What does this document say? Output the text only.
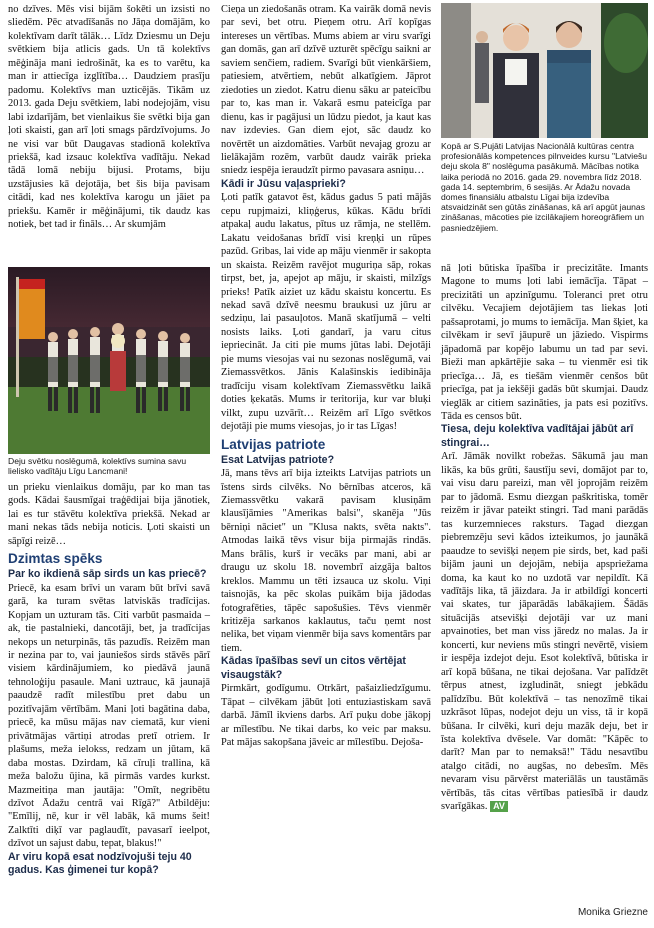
no dzīves. Mēs visi bijām šokēti un izsisti no sliedēm. Pēc atvadīšanās no Jāņa domājām, ko kolektīvam darīt tālāk… Līdz Dziesmu un Deju svētkiem bija atlicis gads. Un tā kolektīvs mēģināja mani iedrošināt, ka es to varētu, ka man ir attiecīga izglītība… Daudziem prasīju padomu. Kolektīvs man uzticējās. Tikām uz 2013. gada Deju svētkiem, labi nodejojām, visu labi izdarījām, bet vienlaikus šie svētki bija gan ļoti skaisti, gan arī ļoti smags pārdzīvojums. Jo ne visi var būt Daugavas stadionā kolektīva priekšā, kad izsauc kolektīva vadītāju. Nekad tādā lomā nebiju bijusi. Protams, biju uzstājusies kā dejotāja, bet šis bija pavisam citādi, kad nes kolektīva karogu un jāiet pa priekšu. Kamēr ir mēģinājumi, tik daudz kas notiek, bet tad ir fināls… Ar skumjām

Deju svētku noslēgumā, kolektīvs sumina savu lielisko vadītāju Līgu Lancmani!

un prieku vienlaikus domāju, par ko man tas gods. Kādai šausmīgai traģēdijai bija jānotiek, lai es tur stāvētu kolektīva priekšā. Nekad ar mani nekas tāds nebija noticis. Ļoti skaisti un sāpīgi reizē…

Dzimtas spēks

Par ko ikdienā sāp sirds un kas priecē?

Priecē, ka esam brīvi un varam būt brīvi savā garā, ka turam svētas latviskās tradīcijas. Kopjam un uzturam tās. Citi varbūt pasmaida – ak, tie pastalnieki, dancotāji, bet, ja tradīcijas nekops un neturpinās, tās pazudīs. Reizēm man ir nezina par to, vai jauniešos sirds stāvēs pārī visiem kārdinājumiem, ko piedāvā jaunā tehnoloģiju pasaule. Mani uztrauc, kā jaunajā paaudzē radīt milestību pret dabu un pozitīvajām vērtībām. Mani ļoti bagātina daba, priecē, ka mūsu mājas nav ciematā, kur vieni privātmājas vārtiņi atrodas pretī otriem. Ir plašums, meža ielokss, redzam un jūtam, kā daba mostas. Dzirdam, kā cīruļi trallina, kā meža baložu ūjina, kā pirmās vardes kurkst. Mazmeitiņa man jautāja: "Omīt, negribētu dzīvot Ādažu centrā vai Rīgā?" Atbildēju: "Emīlij, nē, kur ir vēl labāk, kā mums šeit! Zalktīti diķī var paglaudīt, pavasarī ieelpot, dzīvot un sajust dabu, tepat, blakus!"

Ar viru kopā esat nodzīvojuši teju 40 gadus. Kas ģimenei tur kopā?

Cieņa un ziedošanās otram. Ka vairāk domā nevis par sevi, bet otru. Pieņem otru. Arī kopīgas intereses un vērtības. Mums abiem ar viru svarīgi gan domās, gan arī dzīvē uzturēt spēcīgu saikni ar saviem senčiem, radiem. Svarīgi būt vienkāršiem, patiesiem, atvērtiem, nebūt alkatīgiem. Jāprot ziedoties un ziedot. Katru dienu sāku ar pateicību par to, kas man ir. Vakarā esmu pateicīga par dienu, kas ir pagājusi un lūdzu piedot, ja kaut kas nav izdevies. Gan diem ejot, sāc daudz ko novērtēt un aizdomāties. Varbūt nevajag grozu ar lielākajām rozēm, varbūt daudz vairāk prieka sniedz iespēja ieraudzīt pirmo pavasara asniņu…

Kādi ir Jūsu vaļasprieki?

Ļoti patīk gatavot ēst, kādus gadus 5 pati mājās cepu rupjmaizi, kliņģerus, kūkas. Kādu brīdi atpakaļ audu lakatus, pītus uz rāmja, ne stellēm. Lakatu veidošanas brīdī visi kreņķi un rūpes pazūd. Gribas, lai vide ap māju vienmēr ir sakopta un skaista. Reizēm ravējot muguriņa sāp, rokas tirpst, bet, ja, apejot ap māju, ir skaisti, milzīgs prieks! Patīk aiziet uz kādu skaistu koncertu. Es nekad savā dzīvē neesmu braukusi uz jūru ar sedziņu, lai pasauļotos. Manā skatījumā – velti nosists laiks. Ļoti gandarī, ja varu citus iepriecināt. Ja citi pie mums jūtas labi. Dejotāji pie mums viesojas vai nu sezonas noslēgumā, vai Ziemassvētkos. Jānis Kalašinskis iedibināja tradīciju visam kolektīvam Ziemassvētku laikā doties ķekatās. Mums ir teritorija, kur var bluķi vilkt, zupu uzvārīt… Reizēm arī Līgo svētkos dejotāji pie mums viesojas, jo ir tas Līgas!

Latvijas patriote

Esat Latvijas patriote?

Jā, mans tēvs arī bija izteikts Latvijas patriots un īstens sirds cilvēks. No bērnības atceros, kā Ziemassvētku vakarā pavisam klusiņām klausījāmies "Amerikas balsi", skanēja "Jūs bērniņi nāciet" un "Klusa nakts, svēta nakts". Atmodas laikā tēvs visur bija pirmajās rindās. Mans brālis, kurš ir vecāks par mani, abi ar draugu uz skolu 18. novembrī aizgāja baltos kreklos. Mammu un tēti izsauca uz skolu. Viņi taisnojās, ka pēc skolas puikām bija jādodas fotografēties, tāpēc sapošušies. Tēvs vienmēr kritizēja sarkanos kaklautus, taču ņemt nost nelika, bet viņam vienmēr bija savs komentārs par tiem.

Kādas īpašības sevī un citos vērtējat visaugstāk?

Pirmkārt, godīgumu. Otrkārt, pašaizliedzīgumu. Tāpat – cilvēkam jābūt ļoti entuziastiskam savā darbā. Jāmīl ikviens darbs. Arī puķu dobe jākopj ar mīlestību. Ne tikai darbs, ko veic par maksu. Pat mājas sakopšana jāveic ar mīlestību. Dejoša-

Kopā ar S.Pujāti Latvijas Nacionālā kultūras centra profesionālās kompetences pilnveides kursu "Latviešu deju skola 8" noslēguma pasākumā. Mācības notika laika periodā no 2016. gada 29. novembra līdz 2018. gada 14. septembrim, 6 sesijās. Ar Ādažu novada domes finansiālu atbalstu Līgai bija izdevība atsvaidzināt sen gūtās zināšanas, kā arī apgūt jaunas zināšanas, mācoties pie izcilākajiem horeogrāfiem un pasniedzējiem.

nā ļoti būtiska īpašība ir precizitāte. Imants Magone to mums ļoti labi iemācīja. Tāpat – precizitāti un apzinīgumu. Toleranci pret otru cilvēku. Vecajiem dejotājiem tas liekas ļoti pašsaprotami, jo mums to iemācīja. Man šķiet, ka cilvēkam ir sevī jāupurē un jāziedo. Vispirms jāpadomā par kopējo labumu un tad par sevi. Bieži man apkārtējie saka – tu vienmēr esi tik priecīga… Jā, es tiešām vienmēr cenšos būt priecīga, pat ja iekšēji gadās būt skumjai. Daudz vieglāk ar citiem sazināties, ja pats esi pozitīvs. Tāda es censos būt.

Tiesa, deju kolektīva vadītājai jābūt arī stingrai…

Arī. Jāmāk novilkt robežas. Sākumā jau man likās, ka būs grūti, šaustīju sevi, domājot par to, vai visu daru pareizi, man vēl joprojām reizēm par to jādomā. Esmu diezgan paškritiska, tomēr reizēm ir jāvar pateikt stingri. Tad mani parādās tas kurzemnieces raksturs. Tagad diezgan piebremzēju sevi kādos izteikumos, jo jaunākā paaudze to sevišķi neņem pie sirds, bet, kad paši bijām jauni un dejojām, nebija apspriežama doma, ka kaut ko no uzdotā var nepildīt. Kā vadītājs lika, tā jāizdara. Ja ir atbildīgi koncerti vai skates, tur jāparādās labākajiem. Šādās situācijās atsevišķi dejotāji var uz mani apvainoties, bet man viss jāredz no malas. Ja ir koncerti, kur neviens mūs stingri nevērtē, visiem ir iespēja izdejot deju. Esot kolektīvā, būtiska ir arī kopā būšana, ne tikai dejošana. Var palīdzēt tērpus atnest, izgludināt, sniegt jebkādu palīdzību. Būt kolektīvā – tas nenozīmē tikai uzkrāsot lūpas, nodejot deju un viss, tā ir kopā būšana. Ir cilvēki, kuri deju mazāk deju, bet ir īsta kolektīva dvēsele. Var domāt: "Kāpēc to darīt? Man par to nemaksā!" Tādu nesavtību atalgo citādi, no augšas, no debesīm. Mēs nevaram visu pārvērst materiālās un taustāmās vērtībās, tās citas vērtības patiesībā ir daudz svarīgākas. AV

Monika Griezne
